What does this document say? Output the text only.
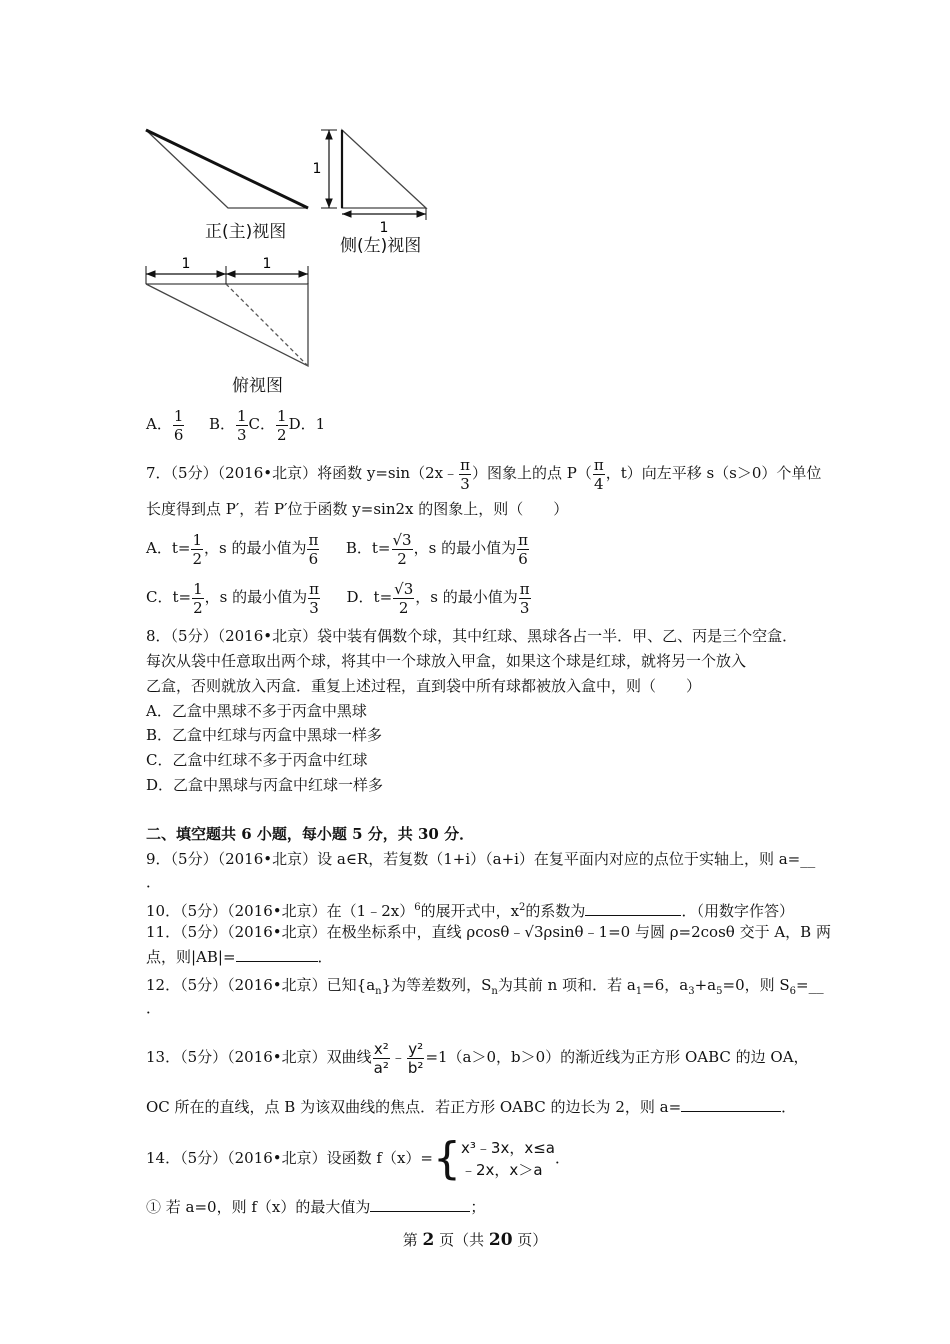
1
1
1	1
正(主)视图
侧(左)视图
俯视图
A． $\frac{1}{6}$ B． $\frac{1}{3}$ C． $\frac{1}{2}$ D．1
7．（5分）（2016•北京）将函数 y=sin（2x﹣ $\frac{\pi}{3}$ ）图象上的点 $P( \frac{\pi}{4}$ ，t）向左平移 s（s＞0）个单位
长度得到点 P′，若 P′位于函数 y=sin2x 的图象上，则（　　）
A．$t= \frac{1}{2}$ ，s 的最小值为 $\frac{\pi}{6}$ B．$t= \frac{√3}{2}$ ，s 的最小值为 $\frac{\pi}{6}$
C．$t= \frac{1}{2}$ ，s 的最小值为 $\frac{\pi}{3}$ D．$t= \frac{√3}{2}$ ，s 的最小值为 $\frac{\pi}{3}$
8．（5分）（2016•北京）袋中装有偶数个球，其中红球、黑球各占一半．甲、乙、丙是三个空盒．
每次从袋中任意取出两个球，将其中一个球放入甲盒，如果这个球是红球，就将另一个放入
乙盒，否则就放入丙盒．重复上述过程，直到袋中所有球都被放入盒中，则（　　）
A．乙盒中黑球不多于丙盒中黑球
B．乙盒中红球与丙盒中黑球一样多
C．乙盒中红球不多于丙盒中红球
D．乙盒中黑球与丙盒中红球一样多
二、填空题共 6 小题，每小题 5 分，共 30 分．
9．（5分）（2016•北京）设 a∈R，若复数（1+i）（a+i）在复平面内对应的点位于实轴上，则 a=__
．
10．（5分）（2016•北京）在（1﹣2x）$^6$的展开式中，$x^2$的系数为	．（用数字作答）
11．（5分）（2016•北京）在极坐标系中，直线 ρcosθ﹣√3ρsinθ﹣1=0 与圆 ρ=2cosθ 交于 A，B 两
点，则|AB|=	．
12．（5分）（2016•北京）已知$\{a_n\}$为等差数列，$S_n$为其前 n 项和．若 $a_1=6$，$a_3+a_5=0$，则 $S_6=\_\_$
．
13．（5分）（2016•北京）双曲线 $\frac{\text{x²}}{\text{a²}}$ ﹣ $\frac{\text{y²}}{\text{b²}} =1(a>0$，b＞0）的渐近线为正方形 OABC 的边 OA，
OC 所在的直线，点 B 为该双曲线的焦点．若正方形 OABC 的边长为 2，则 a=	．
14．（5分）（2016•北京）设函数 f（x）={x³﹣3x，x≤a
﹣2x，x＞a．
① 若 a=0，则 f（x）的最大值为	；
第 2 页（共 20 页）
